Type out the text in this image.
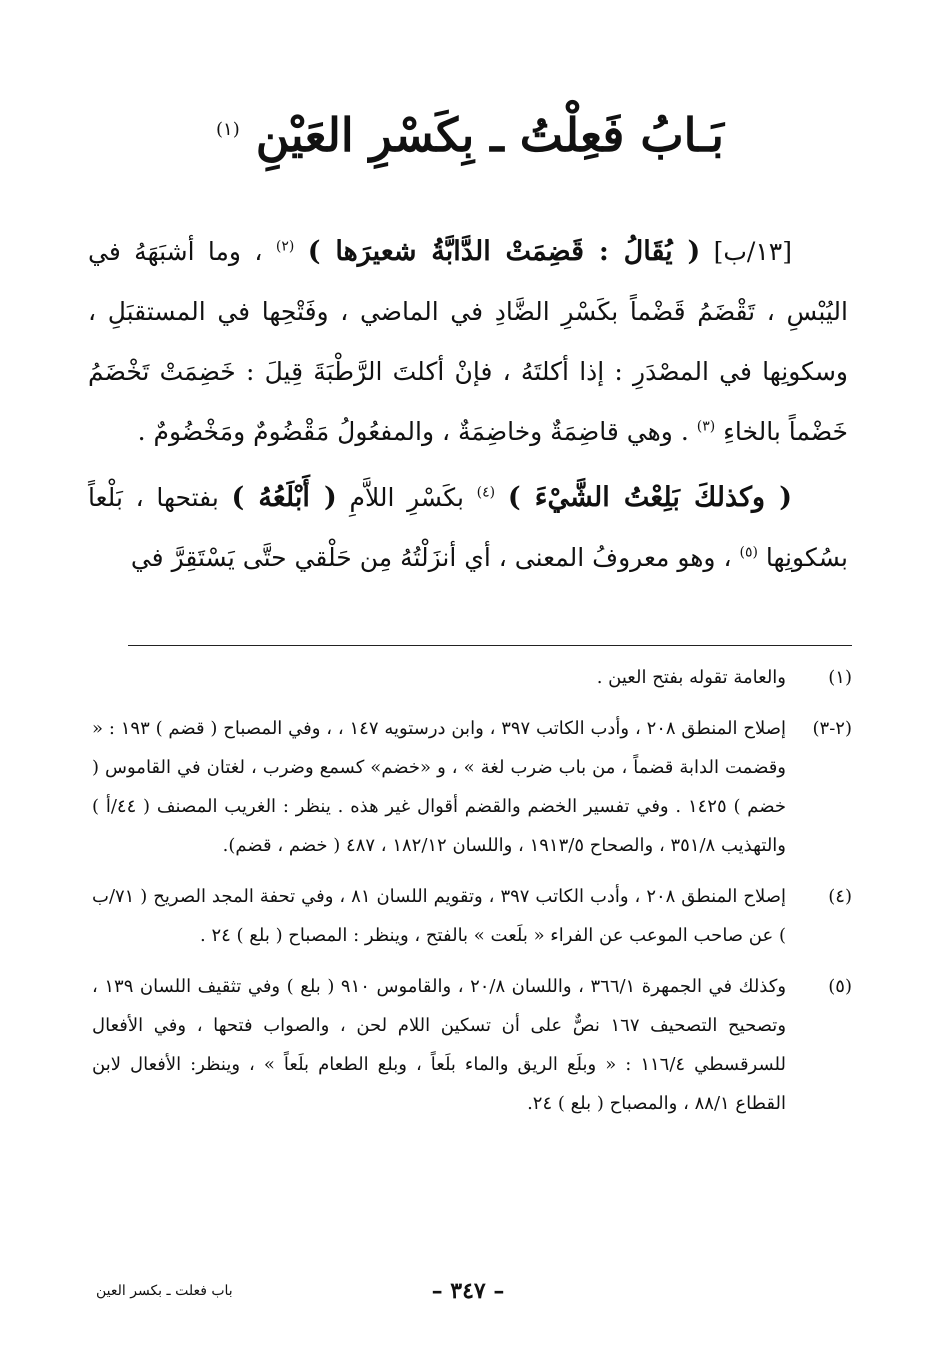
بَـابُ فَعِلْتُ ـ بِكَسْرِ العَيْنِ $^{(١)}$

[١٣/ب] ( يُقَالُ : قَضِمَتْ الدَّابَّةُ شعيرَها ) $^{(٢)}$ ، وما أشبَهَهُ في اليُبْسِ ، تَقْضَمُ قَضْماً بكَسْرِ الضَّادِ في الماضي ، وفَتْحِها في المستقبَلِ ، وسكونِها في المصْدَرِ : إذا أكلتَهُ ، فإنْ أكلتَ الرَّطْبَةَ قِيلَ : خَضِمَتْ تَخْضَمُ خَضْماً بالخاءِ $^{(٣)}$ . وهي قاضِمَةٌ وخاضِمَةٌ ، والمفعُولُ مَقْضُومٌ ومَخْضُومٌ .

( وكذلكَ بَلِعْتُ الشَّيْءَ ) $^{(٤)}$ بكَسْرِ اللاَّمِ ( أَبْلَعُهُ ) بفتحها ، بَلْعاً بسُكونِها $^{(٥)}$ ، وهو معروفُ المعنى ، أي أنزَلْتُهُ مِن حَلْقي حتَّى يَسْتَقِرَّ في

(١)
والعامة تقوله بفتح العين .
(٢-٣)
إصلاح المنطق ٢٠٨ ، وأدب الكاتب ٣٩٧ ، وابن درستويه ١٤٧ ، ، وفي المصباح ( قضم ) ١٩٣ : « وقضمت الدابة قضماً ، من باب ضرب لغة » ، و «خضم» كسمع وضرب ، لغتان في القاموس ( خضم ) ١٤٢٥ . وفي تفسير الخضم والقضم أقوال غير هذه . ينظر : الغريب المصنف ( ٤٤/أ ) والتهذيب ٣٥١/٨ ، والصحاح ١٩١٣/٥ ، واللسان ١٨٢/١٢ ، ٤٨٧ ( خضم ، قضم).
(٤)
إصلاح المنطق ٢٠٨ ، وأدب الكاتب ٣٩٧ ، وتقويم اللسان ٨١ ، وفي تحفة المجد الصريح ( ٧١/ب ) عن صاحب الموعب عن الفراء « بلَعت » بالفتح ، وينظر : المصباح ( بلع ) ٢٤ .
(٥)
وكذلك في الجمهرة ٣٦٦/١ ، واللسان ٢٠/٨ ، والقاموس ٩١٠ ( بلع ) وفي تثقيف اللسان ١٣٩ ، وتصحيح التصحيف ١٦٧ نصٌّ على أن تسكين اللام لحن ، والصواب فتحها ، وفي الأفعال للسرقسطي ١١٦/٤ : « وبلَع الريق والماء بلَعاً ، وبلع الطعام بلَعاً » ، وينظر: الأفعال لابن القطاع ٨٨/١ ، والمصباح ( بلع ) ٢٤.
– ٣٤٧ –
باب فعلت ـ بكسر العين
